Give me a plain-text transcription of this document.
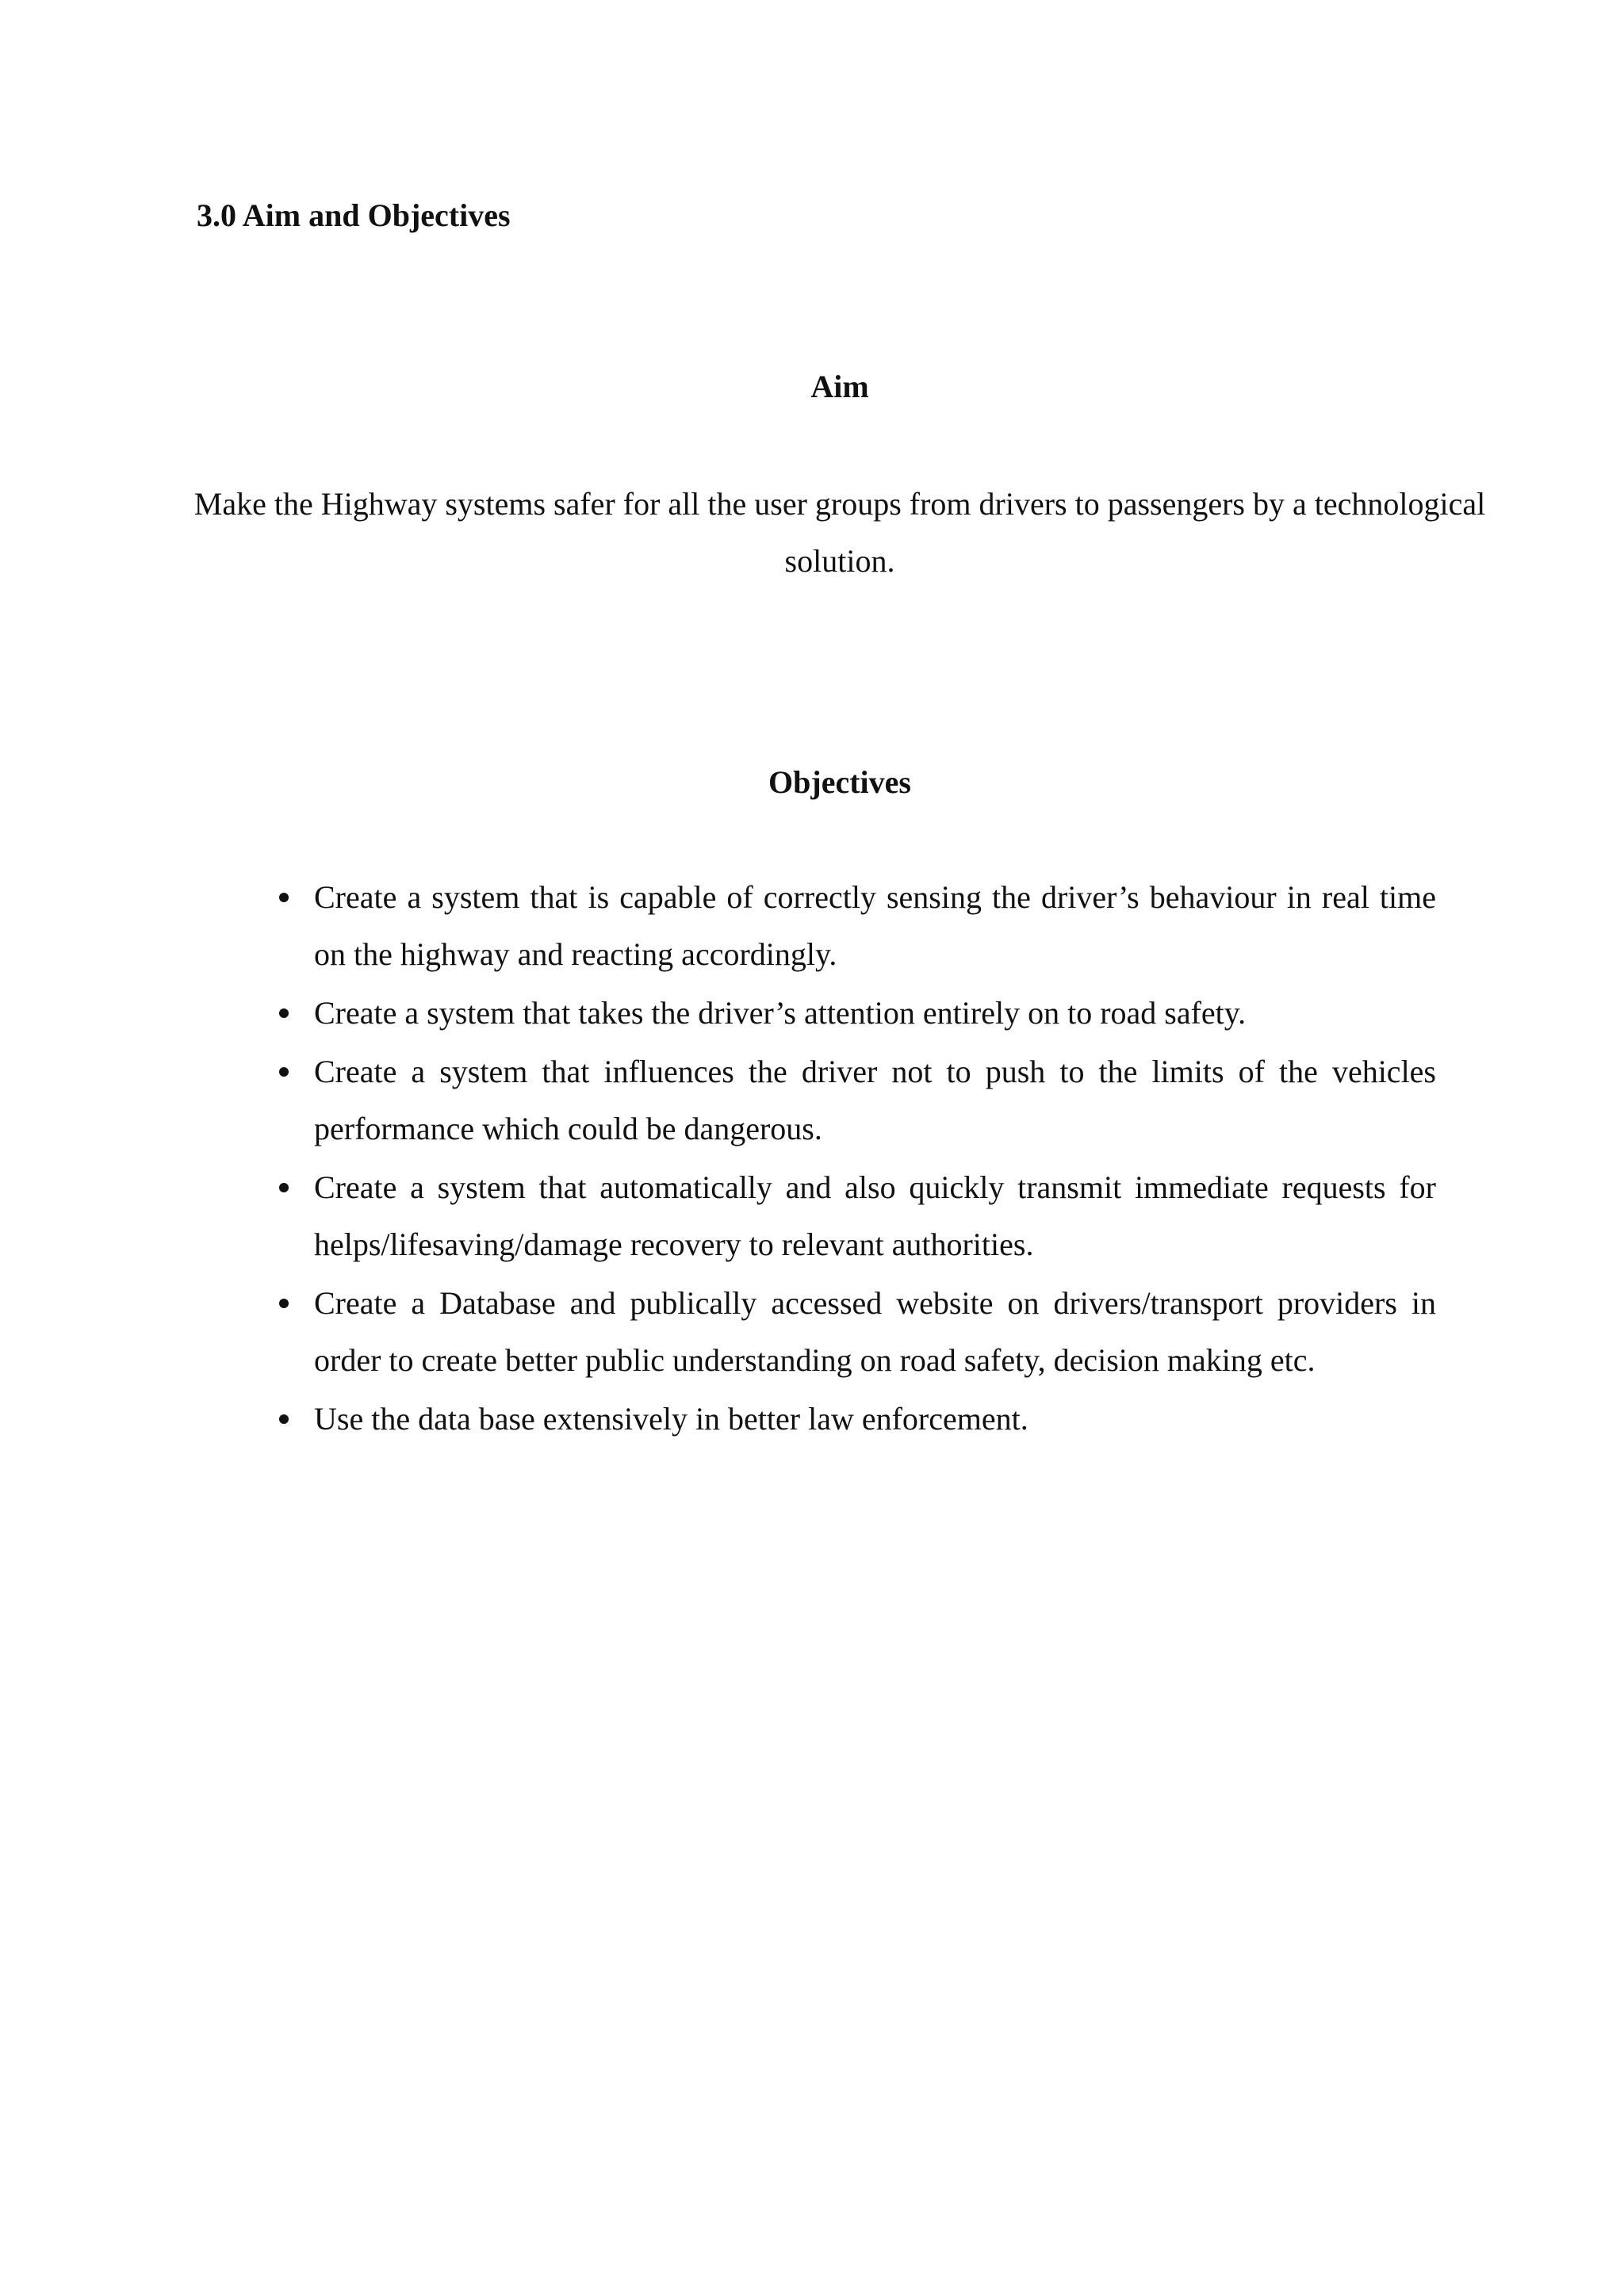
3.0 Aim and Objectives
Aim

Make the Highway systems safer for all the user groups from drivers to passengers by a technological solution.

Objectives
Create a system that is capable of correctly sensing the driver’s behaviour in real time on the highway and reacting accordingly.
Create a system that takes the driver’s attention entirely on to road safety.
Create a system that influences the driver not to push to the limits of the vehicles performance which could be dangerous.
Create a system that automatically and also quickly transmit immediate requests for helps/lifesaving/damage recovery to relevant authorities.
Create a Database and publically accessed website on drivers/transport providers in order to create better public understanding on road safety, decision making etc.
Use the data base extensively in better law enforcement.
